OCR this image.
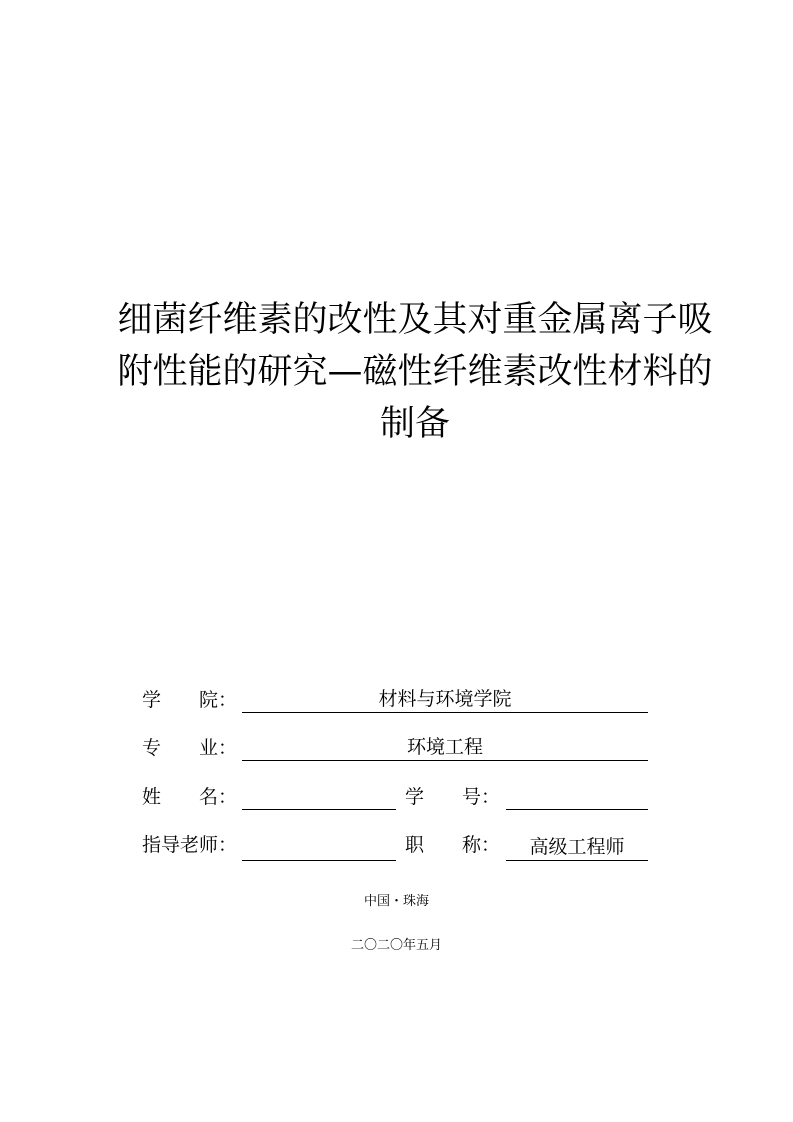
细菌纤维素的改性及其对重金属离子吸
附性能的研究—磁性纤维素改性材料的
制备
学　　院：	材料与环境学院
专　　业：	环境工程
姓　　名：	学　　号：
指导老师：	职　　称：	高级工程师
中国・珠海
二〇二〇年五月
